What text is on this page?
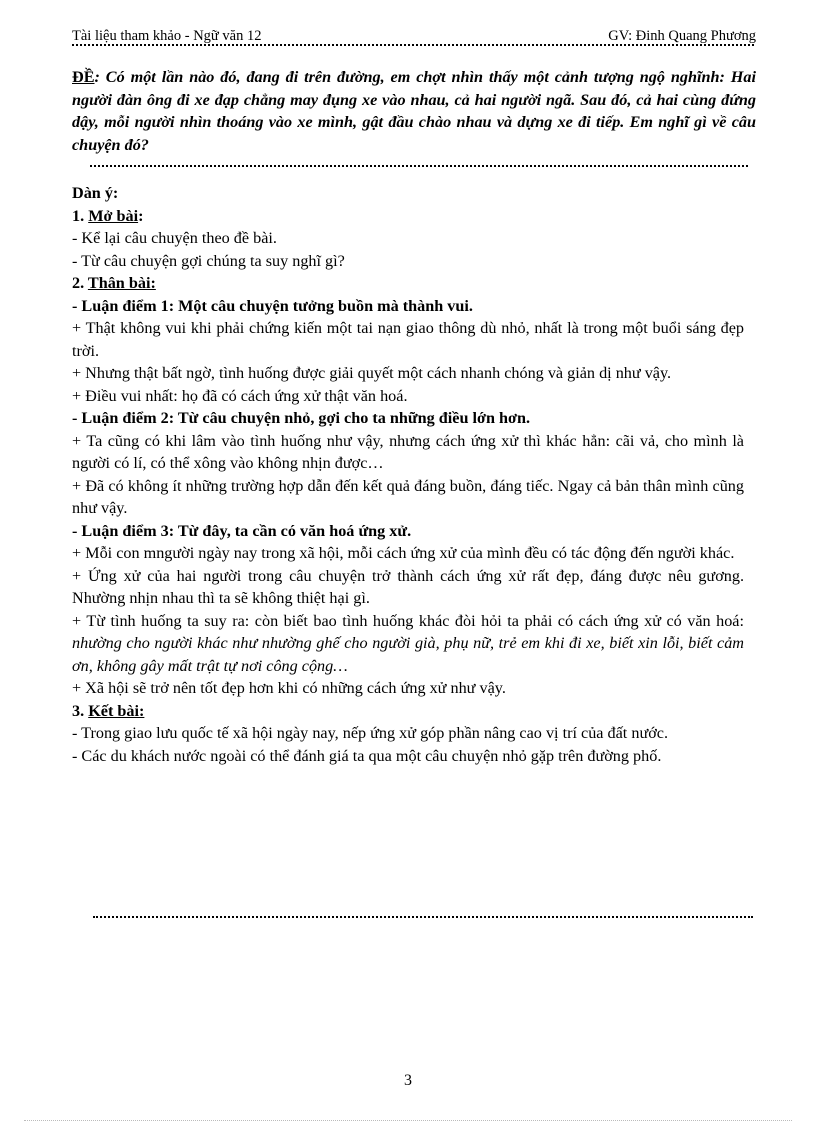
Tài liệu tham khảo - Ngữ văn 12	GV: Đinh Quang Phương
ĐỀ: Có một lần nào đó, đang đi trên đường, em chợt nhìn thấy một cảnh tượng ngộ nghĩnh: Hai người đàn ông đi xe đạp chẳng may đụng xe vào nhau, cả hai người ngã. Sau đó, cả hai cùng đứng dậy, mỗi người nhìn thoáng vào xe mình, gật đầu chào nhau và dựng xe đi tiếp. Em nghĩ gì về câu chuyện đó?

Dàn ý:

1. Mở bài:

- Kể lại câu chuyện theo đề bài.

- Từ câu chuyện gợi chúng ta suy nghĩ gì?

2. Thân bài:

- Luận điểm 1: Một câu chuyện tưởng buồn mà thành vui.

+ Thật không vui khi phải chứng kiến một tai nạn giao thông dù nhỏ, nhất là trong một buổi sáng đẹp trời.

+ Nhưng thật bất ngờ, tình huống được giải quyết một cách nhanh chóng và giản dị như vậy.

+ Điều vui nhất: họ đã có cách ứng xử thật văn hoá.

- Luận điểm 2: Từ câu chuyện nhỏ, gợi cho ta những điều lớn hơn.

+ Ta cũng có khi lâm vào tình huống như vậy, nhưng cách ứng xử thì khác hẳn: cãi vả, cho mình là người có lí, có thể xông vào không nhịn được…

+ Đã có không ít những trường hợp dẫn đến kết quả đáng buồn, đáng tiếc. Ngay cả bản thân mình cũng như vậy.

- Luận điểm 3: Từ đây, ta cần có văn hoá ứng xử.

+ Mỗi con mngười ngày nay trong xã hội, mỗi cách ứng xử của mình đều có tác động đến người khác.

+ Ứng xử của hai người trong câu chuyện trở thành cách ứng xử rất đẹp, đáng được nêu gương. Nhường nhịn nhau thì ta sẽ không thiệt hại gì.

+ Từ tình huống ta suy ra: còn biết bao tình huống khác đòi hỏi ta phải có cách ứng xử có văn hoá: nhường cho người khác như nhường ghế cho người già, phụ nữ, trẻ em khi đi xe, biết xin lỗi, biết cảm ơn, không gây mất trật tự nơi công cộng…

+ Xã hội sẽ trở nên tốt đẹp hơn khi có những cách ứng xử như vậy.

3. Kết bài:

- Trong giao lưu quốc tế xã hội ngày nay, nếp ứng xử góp phần nâng cao vị trí của đất nước.

- Các du khách nước ngoài có thể đánh giá ta qua một câu chuyện nhỏ gặp trên đường phố.

3
